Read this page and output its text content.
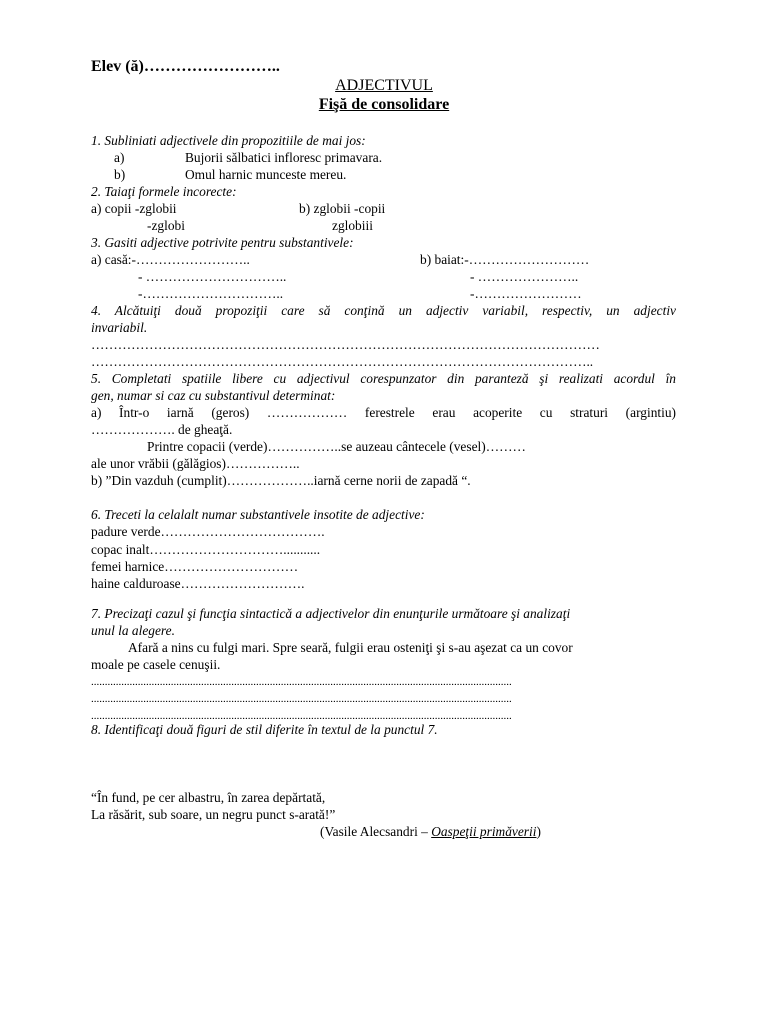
Elev (ă)……………………..
ADJECTIVUL
Fişă de consolidare
1. Subliniati adjectivele din propozitiile de mai jos:
a)	Bujorii sălbatici infloresc primavara.
b)	Omul harnic munceste mereu.
2. Taiaţi formele incorecte:
a) copii -zglobii	b) zglobii -copii
-zglobi	zglobiii
3. Gasiti adjective potrivite pentru substantivele:
a) casă:-……………………..	b) baiat:-………………………
- …………………………..	- …………………..
-…………………………..	-……………………
4. Alcătuiţi două propoziţii care să conţină un adjectiv variabil, respectiv, un adjectiv
invariabil.
……………………………………………………………………………………………………
…………………………………………………………………………………………………..
5. Completati spatiile libere cu adjectivul corespunzator din paranteză şi realizati acordul în
gen, numar si caz cu substantivul determinat:
a) Într-o iarnă (geros) ……………… ferestrele erau acoperite cu straturi (argintiu)
………………. de gheaţă.
Printre copacii (verde)……………..se auzeau cântecele (vesel)………
ale unor vrăbii (gălăgios)……………..
b) ”Din vazduh (cumplit)………………..iarnă cerne norii de zapadă “.
6. Treceti la celalalt numar substantivele insotite de adjective:
padure verde……………………………….
copac inalt…………………………...........
femei harnice…………………………
haine calduroase……………………….
7. Precizaţi cazul şi funcţia sintactică a adjectivelor din enunţurile următoare şi analizaţi
unul la alegere.
Afară a nins cu fulgi mari. Spre seară, fulgii erau osteniţi şi s-au aşezat ca un covor
moale pe casele cenuşii.
.........................................................................................................................................................
.........................................................................................................................................................
.........................................................................................................................................................
8. Identificaţi două figuri de stil diferite în textul de la punctul 7.
“În fund, pe cer albastru, în zarea depărtată,
La răsărit, sub soare, un negru punct s-arată!”
(Vasile Alecsandri – Oaspeţii primăverii)
